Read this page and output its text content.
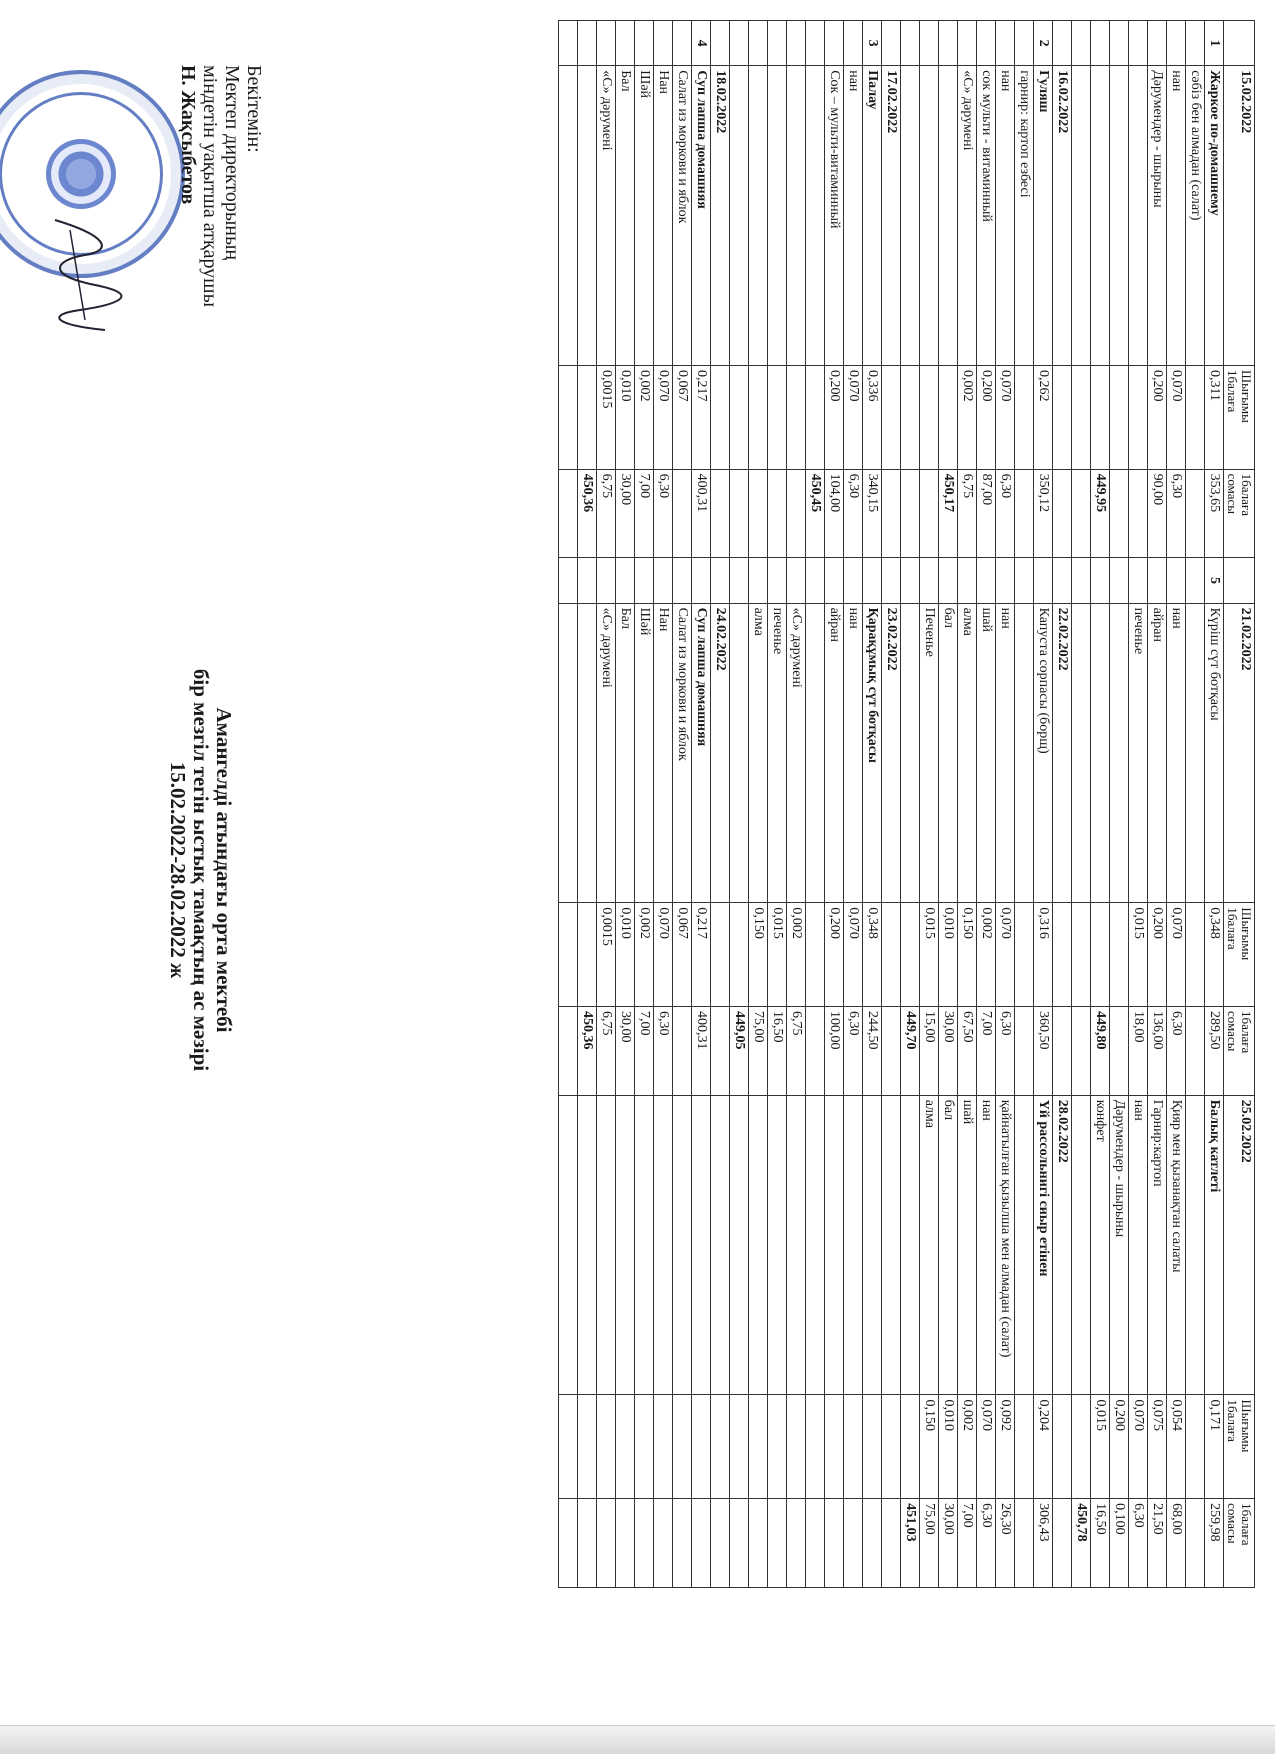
Бекітемін:
Мектеп директорының
міндетін уақытша атқарушы
Н. Жақсыбетов
Амангелді атындағы орта мектебі
бір мезгіл тегін ыстық тамақтың ас мәзірі
15.02.2022-28.02.2022 ж
	15.02.2022	Шығымы 1балаға	1балаға сомасы		21.02.2022	Шығымы 1балаға	1балаға сомасы	25.02.2022	Шығымы 1балаға	1балаға сомасы
1	Жаркое по-домашнему	0,311	353,65	5	Күріш сүт ботқасы	0,348	289,50	Балық катлеті	0,171	259,98
	сәбіз бен алмадан (салат)									
	нан	0,070	6,30		нан	0,070	6,30	Қияр мен қызанақтан салаты	0,054	68,00
	Дәрумендер - шырыны	0,200	90,00		айран	0,200	136,00	Гарнир:картоп	0,075	21,50
					печенье	0,015	18,00	нан	0,070	6,30
								Дәрумендер - шырыны	0,200	0,100
			449,95				449,80	конфет	0,015	16,50
										450,78
	16.02.2022				22.02.2022			28.02.2022		
2	Гуляш	0,262	350,12		Капуста сорпасы (борщ)	0,316	360,50	Үй рассольнигі сиыр етінен	0,204	306,43
	гарнир: картоп езбесі									
	нан	0,070	6,30		нан	0,070	6,30	қайнатылған қызылша мен алмадан (салат)	0,092	26,30
	сок мульти - витаминный	0,200	87,00		шай	0,002	7,00	нан	0,070	6,30
	«С» дәрумені	0,002	6,75		алма	0,150	67,50	шай	0,002	7,00
			450,17		бал	0,010	30,00	бал	0,010	30,00
					Печенье	0,015	15,00	алма	0,150	75,00
							449,70			451,03
	17.02.2022				23.02.2022					
3	Палау	0,336	340,15		Қарақұмық сүт ботқасы	0,348	244,50			
	нан	0,070	6,30		нан	0,070	6,30			
	Сок – мульти-витаминный	0,200	104,00		айран	0,200	100,00			
			450,45							
					«С» дәрумені	0,002	6,75			
					печенье	0,015	16,50			
					алма	0,150	75,00			
							449,05			
	18.02.2022				24.02.2022					
4	Суп лапша домашняя	0,217	400,31		Суп лапша домашняя	0,217	400,31			
	Салат из моркови и яблок	0,067			Салат из моркови и яблок	0,067				
	Нан	0,070	6,30		Нан	0,070	6,30			
	Шәй	0,002	7,00		Шәй	0,002	7,00			
	Бал	0,010	30,00		Бал	0,010	30,00			
	«С» дәрумені	0,0015	6,75		«С» дәрумені	0,0015	6,75			
			450,36				450,36			
